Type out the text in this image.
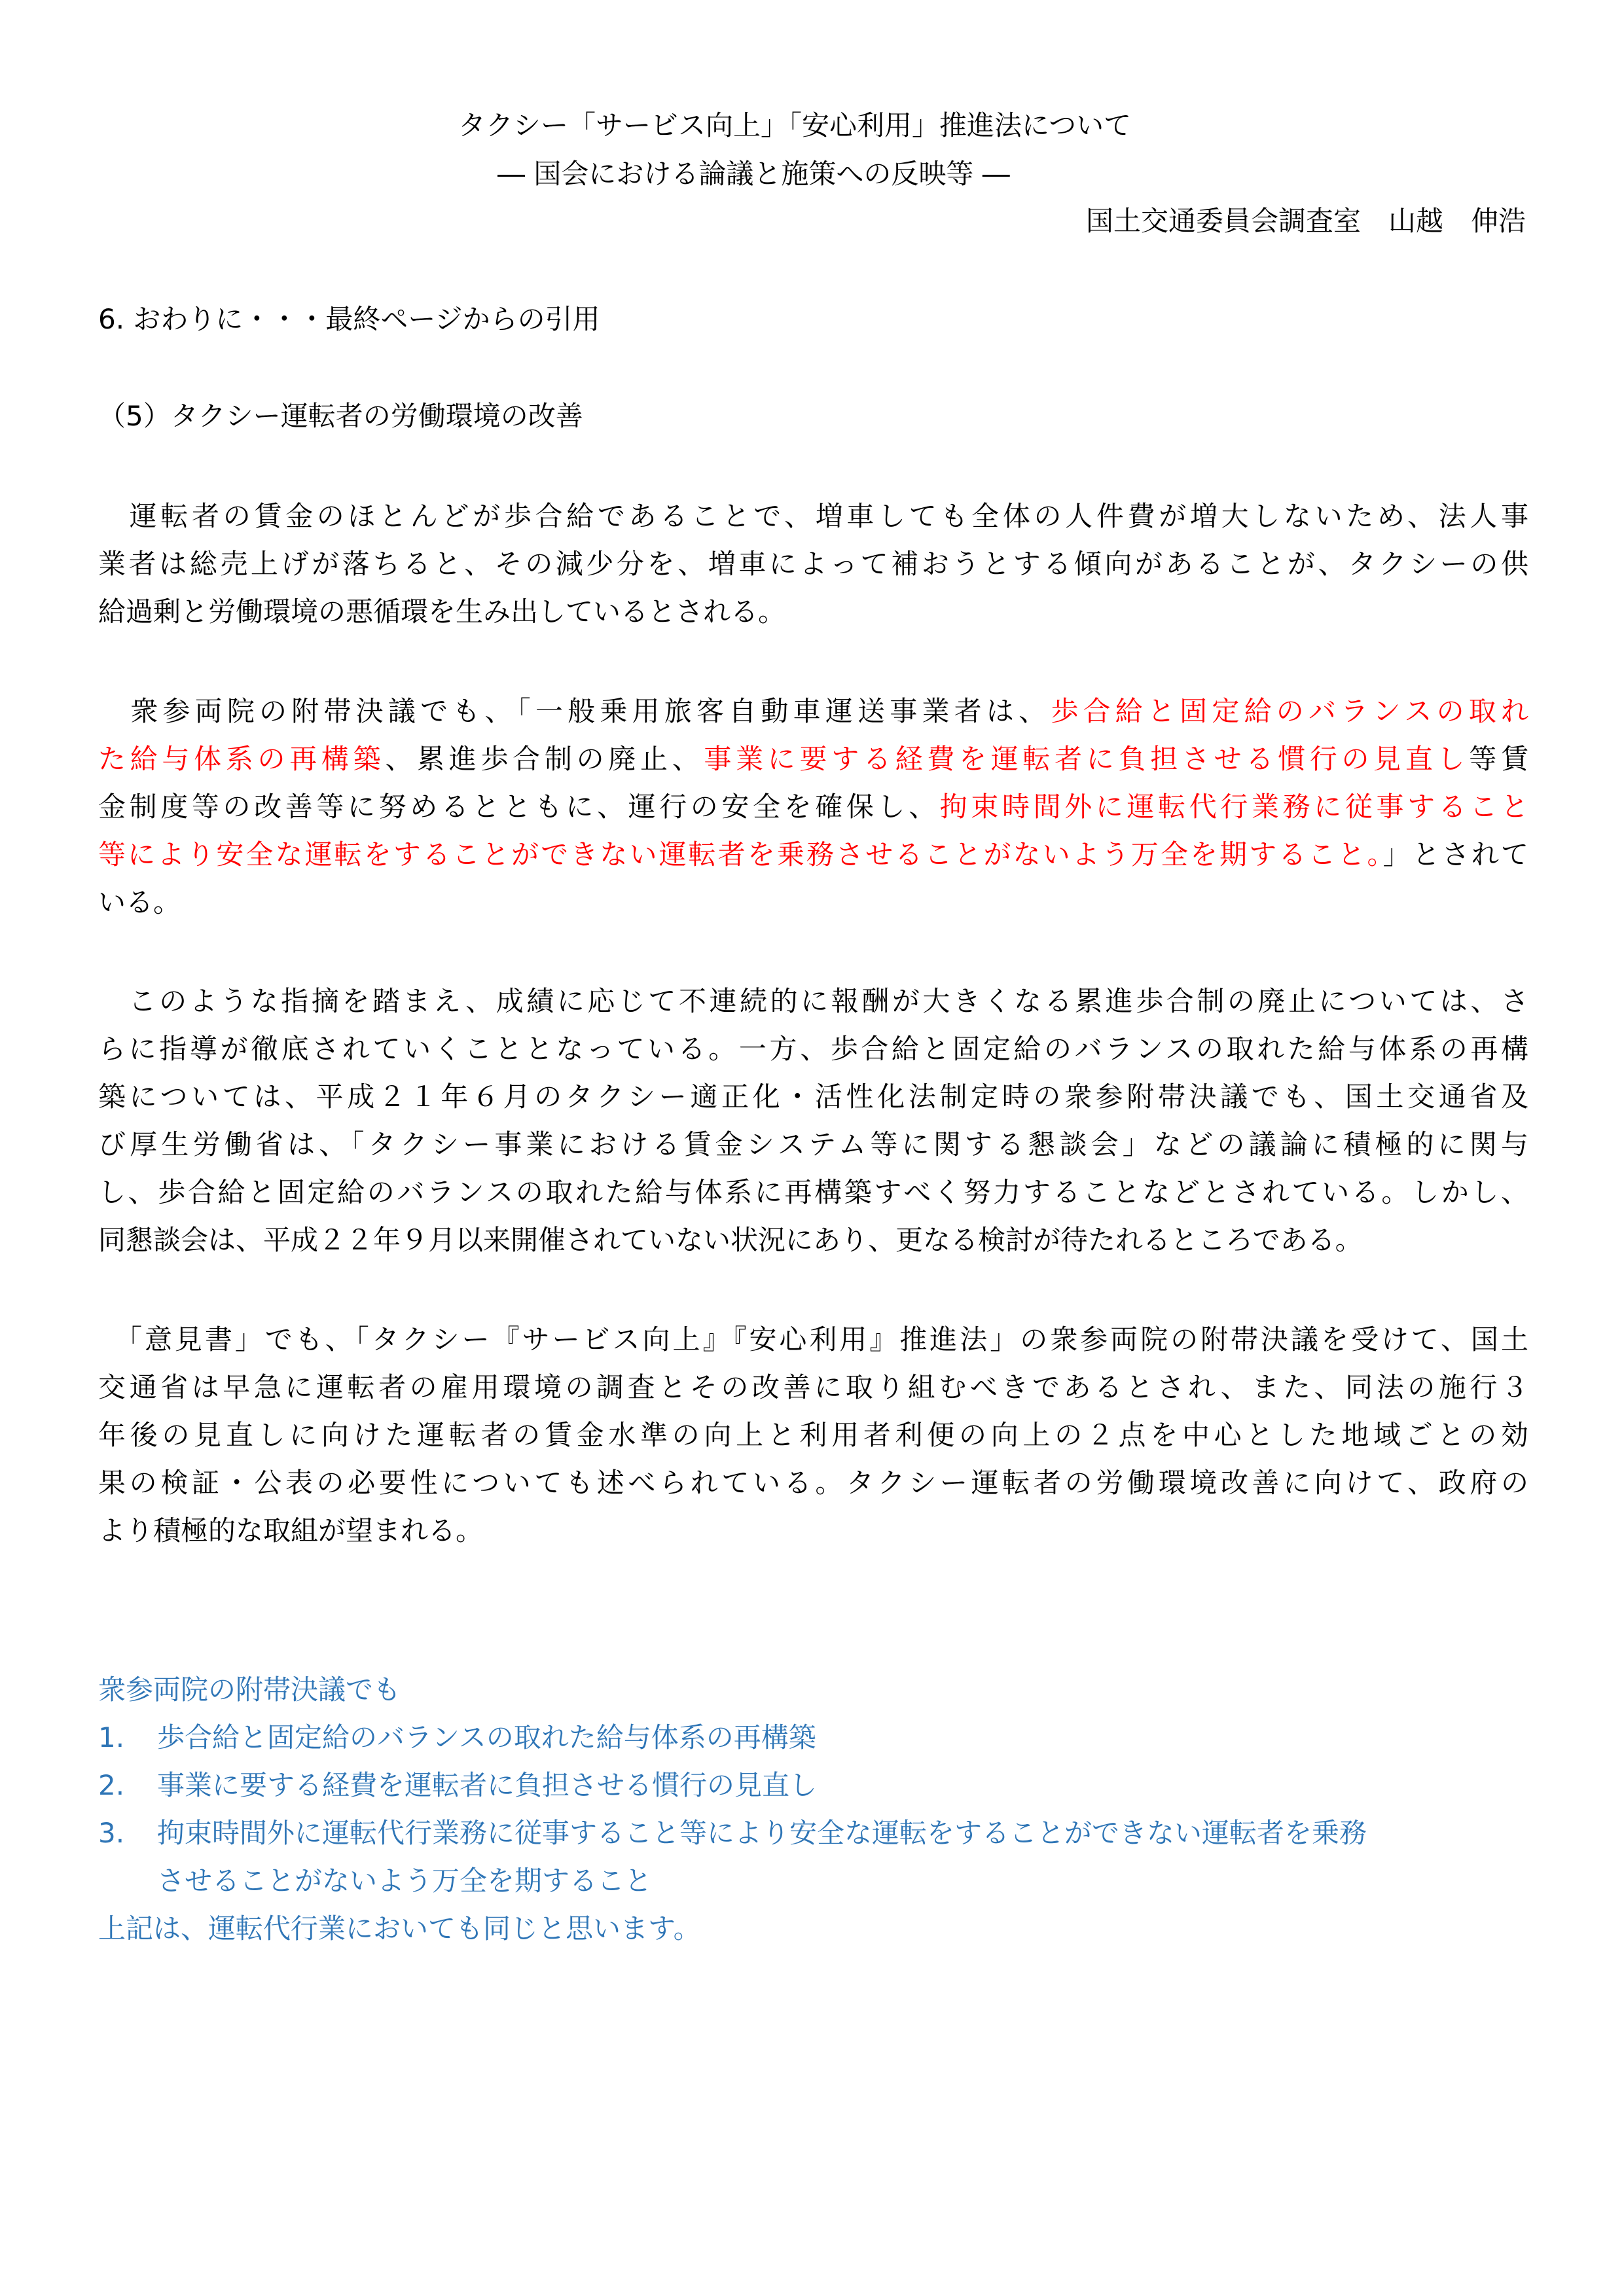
タクシー「サービス向上」「安心利用」推進法について
― 国会における論議と施策への反映等 ―
国土交通委員会調査室　山越　伸浩
6. おわりに・・・最終ページからの引用
（5）タクシー運転者の労働環境の改善
　運転者の賃金のほとんどが歩合給であることで、増車しても全体の人件費が増大しないため、法人事
業者は総売上げが落ちると、その減少分を、増車によって補おうとする傾向があることが、タクシーの供
給過剰と労働環境の悪循環を生み出しているとされる。
　衆参両院の附帯決議でも、「一般乗用旅客自動車運送事業者は、歩合給と固定給のバランスの取れ
た給与体系の再構築、累進歩合制の廃止、事業に要する経費を運転者に負担させる慣行の見直し等賃
金制度等の改善等に努めるとともに、運行の安全を確保し、拘束時間外に運転代行業務に従事すること
等により安全な運転をすることができない運転者を乗務させることがないよう万全を期すること。」とされて
いる。
　このような指摘を踏まえ、成績に応じて不連続的に報酬が大きくなる累進歩合制の廃止については、さ
らに指導が徹底されていくこととなっている。一方、歩合給と固定給のバランスの取れた給与体系の再構
築については、平成２１年６月のタクシー適正化・活性化法制定時の衆参附帯決議でも、国土交通省及
び厚生労働省は、「タクシー事業における賃金システム等に関する懇談会」などの議論に積極的に関与
し、歩合給と固定給のバランスの取れた給与体系に再構築すべく努力することなどとされている。しかし、
同懇談会は、平成２２年９月以来開催されていない状況にあり、更なる検討が待たれるところである。
　「意見書」でも、「タクシー『サービス向上』『安心利用』推進法」の衆参両院の附帯決議を受けて、国土
交通省は早急に運転者の雇用環境の調査とその改善に取り組むべきであるとされ、また、同法の施行３
年後の見直しに向けた運転者の賃金水準の向上と利用者利便の向上の２点を中心とした地域ごとの効
果の検証・公表の必要性についても述べられている。タクシー運転者の労働環境改善に向けて、政府の
より積極的な取組が望まれる。
衆参両院の附帯決議でも
1.	歩合給と固定給のバランスの取れた給与体系の再構築
2.	事業に要する経費を運転者に負担させる慣行の見直し
3.	拘束時間外に運転代行業務に従事すること等により安全な運転をすることができない運転者を乗務
させることがないよう万全を期すること
上記は、運転代行業においても同じと思います。
